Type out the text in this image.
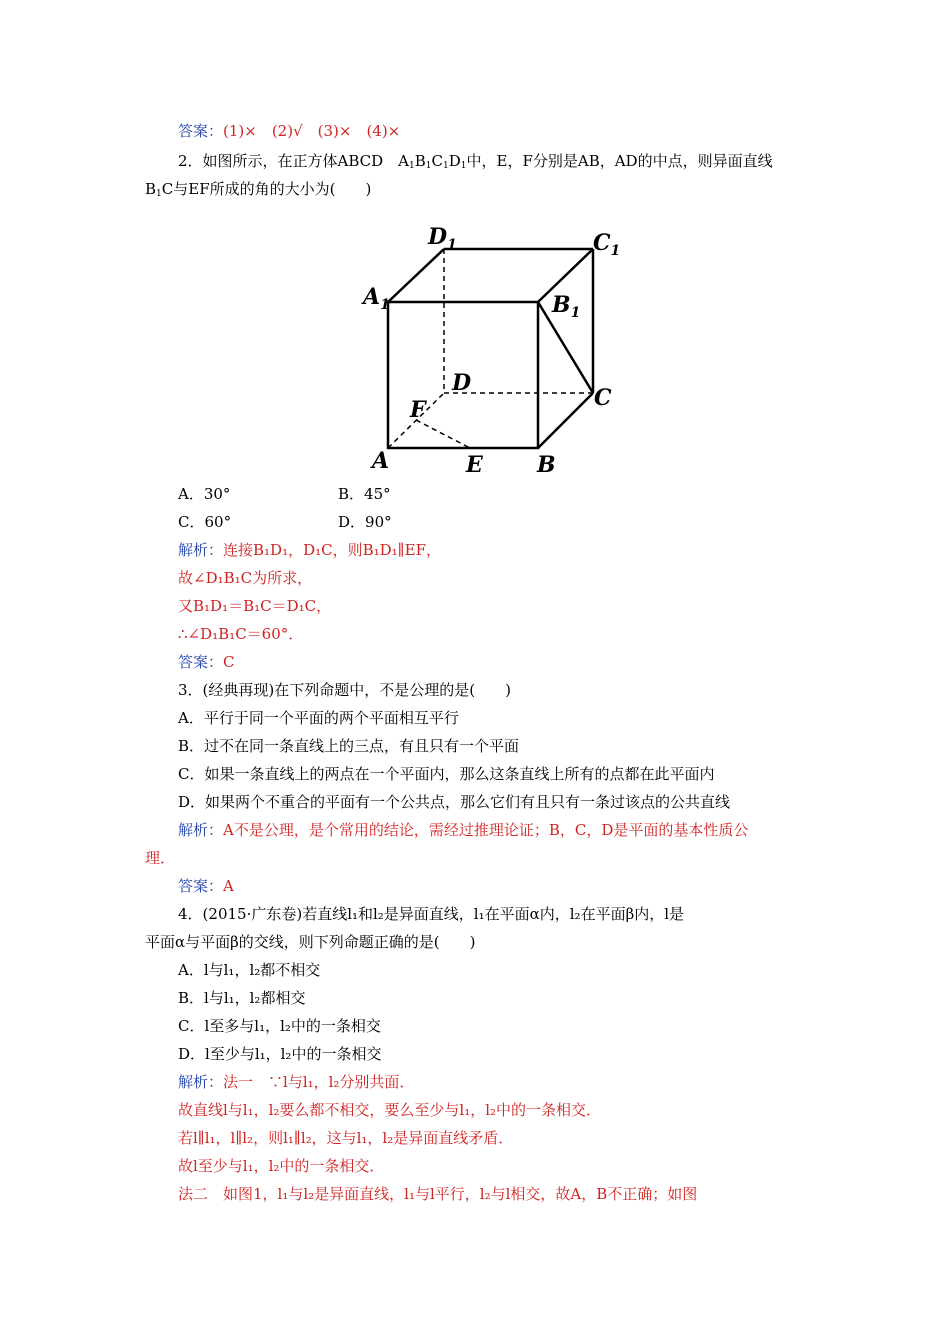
答案：(1)×　(2)√　(3)×　(4)×
2．如图所示，在正方体ABCD　$A_1B_1C_1D_1$中，E，F分别是AB，AD的中点，则异面直线
$B_1C$与EF所成的角的大小为(　　)
$D_1$	$C_1$
$A_1$	$B_1$
D
C
F
A	E B
A．30°	B．45°
C．60°	D．90°
解析：连接B₁D₁，D₁C，则B₁D₁∥EF，
故∠D₁B₁C为所求，
又B₁D₁＝B₁C＝D₁C，
∴∠D₁B₁C＝60°．
答案：C
3．(经典再现)在下列命题中，不是公理的是(　　)
A．平行于同一个平面的两个平面相互平行
B．过不在同一条直线上的三点，有且只有一个平面
C．如果一条直线上的两点在一个平面内，那么这条直线上所有的点都在此平面内
D．如果两个不重合的平面有一个公共点，那么它们有且只有一条过该点的公共直线
解析：A不是公理，是个常用的结论，需经过推理论证；B，C，D是平面的基本性质公
理．
答案：A
4．(2015·广东卷)若直线l₁和l₂是异面直线，l₁在平面α内，l₂在平面β内，l是
平面α与平面β的交线，则下列命题正确的是(　　)
A．l与l₁，l₂都不相交
B．l与l₁，l₂都相交
C．l至多与l₁，l₂中的一条相交
D．l至少与l₁，l₂中的一条相交
解析：法一　∵l与l₁，l₂分别共面．
故直线l与l₁，l₂要么都不相交，要么至少与l₁，l₂中的一条相交．
若l∥l₁，l∥l₂，则l₁∥l₂，这与l₁，l₂是异面直线矛盾．
故l至少与l₁，l₂中的一条相交．
法二　如图1，l₁与l₂是异面直线，l₁与l平行，l₂与l相交，故A，B不正确；如图
